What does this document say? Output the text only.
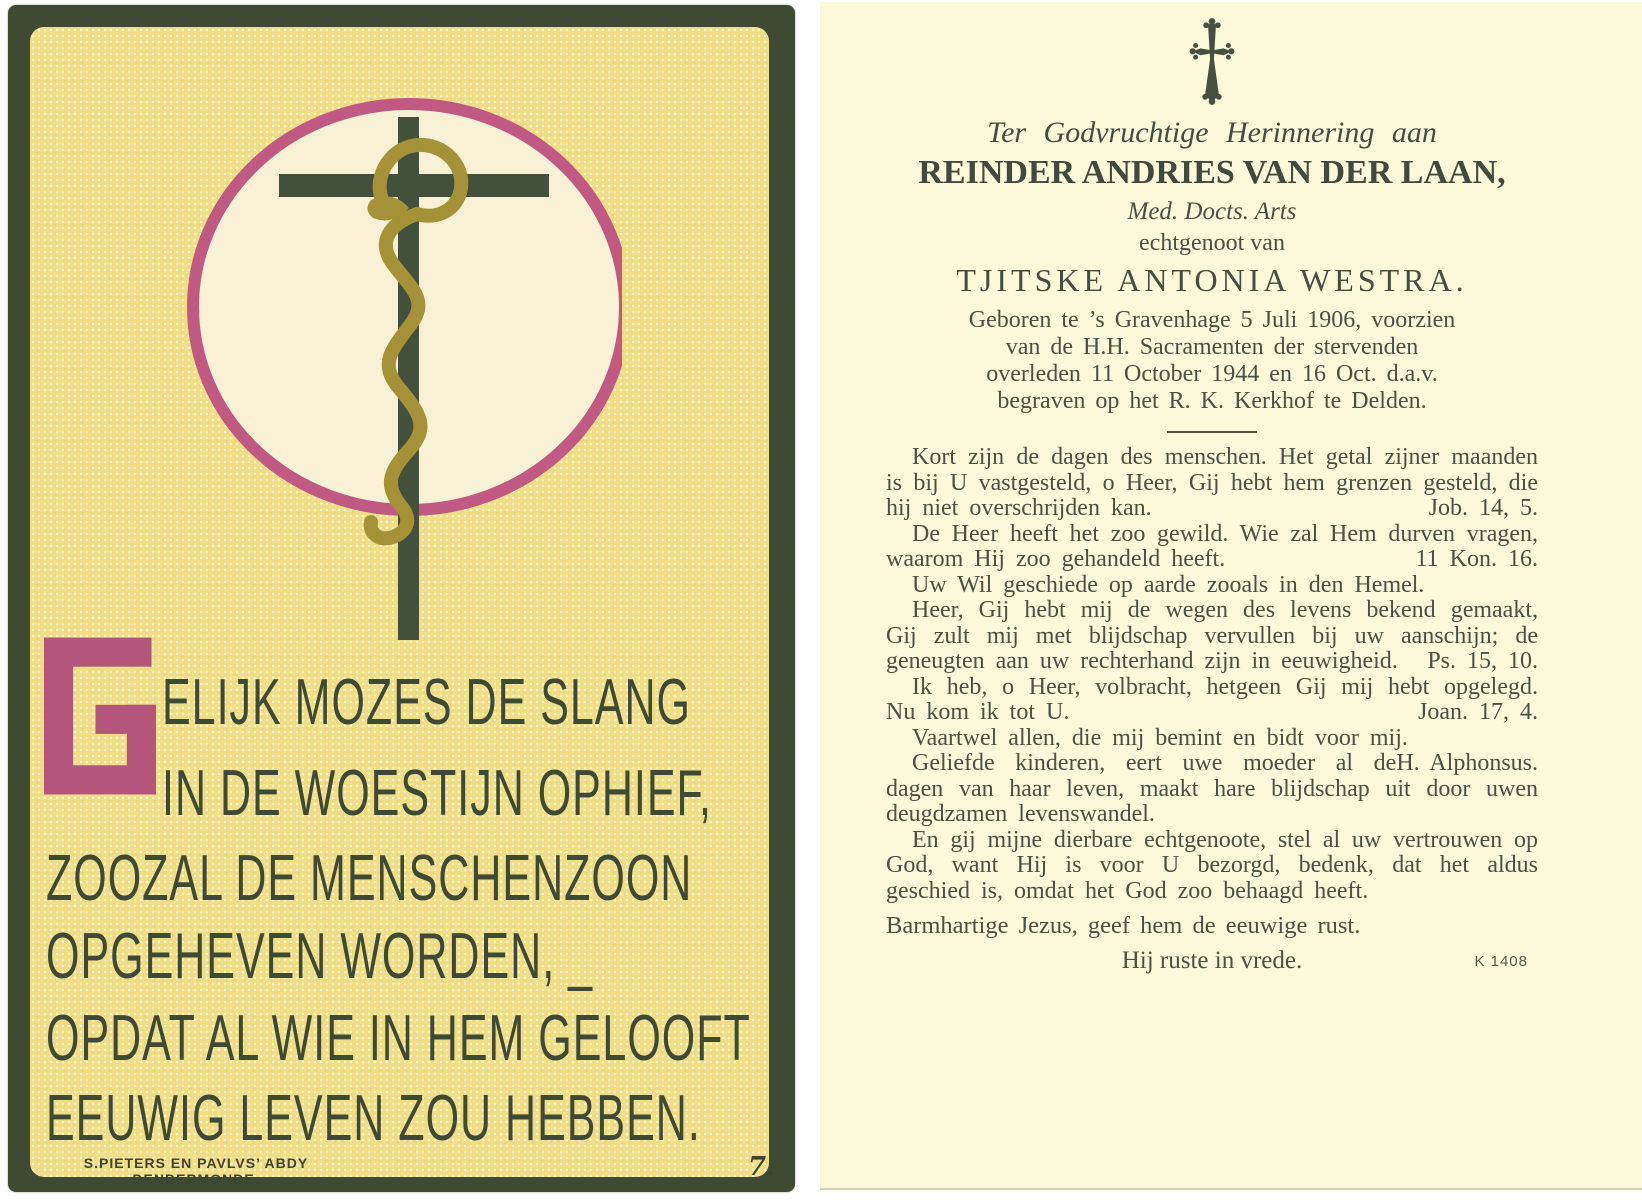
ELIJK MOZES DE SLANG
IN DE WOESTIJN OPHIEF,
ZOOZAL DE MENSCHENZOON
OPGEHEVEN WORDEN, _
OPDAT AL WIE IN HEM GELOOFT
EEUWIG LEVEN ZOU HEBBEN.
S.PIETERS EN PAVLVS’ ABDY
DENDERMONDE.	7.
Ter Godvruchtige Herinnering aan
REINDER ANDRIES VAN DER LAAN,
Med. Docts. Arts
echtgenoot van
TJITSKE ANTONIA WESTRA.
Geboren te ’s Gravenhage 5 Juli 1906, voorzien
van de H.H. Sacramenten der stervenden
overleden 11 October 1944 en 16 Oct. d.a.v.
begraven op het R. K. Kerkhof te Delden.

Kort zijn de dagen des menschen. Het getal zijner maanden is bij U vastgesteld, o Heer, Gij hebt hem grenzen gesteld, die hij niet overschrijden kan.	Job. 14, 5.

De Heer heeft het zoo gewild. Wie zal Hem durven vragen, waarom Hij zoo gehandeld heeft.	11 Kon. 16.

Uw Wil geschiede op aarde zooals in den Hemel.

Heer, Gij hebt mij de wegen des levens bekend gemaakt, Gij zult mij met blijdschap vervullen bij uw aanschijn; de geneugten aan uw rechterhand zijn in eeuwigheid. Ps. 15, 10.

Ik heb, o Heer, volbracht, hetgeen Gij mij hebt opgelegd. Nu kom ik tot U.	Joan. 17, 4.

Vaartwel allen, die mij bemint en bidt voor mij.
H. Alphonsus.

Geliefde kinderen, eert uwe moeder al de dagen van haar leven, maakt hare blijdschap uit door uwen deugdzamen levenswandel.

En gij mijne dierbare echtgenoote, stel al uw vertrouwen op God, want Hij is voor U bezorgd, bedenk, dat het aldus geschied is, omdat het God zoo behaagd heeft.

Barmhartige Jezus, geef hem de eeuwige rust.

Hij ruste in vrede.	K 1408
